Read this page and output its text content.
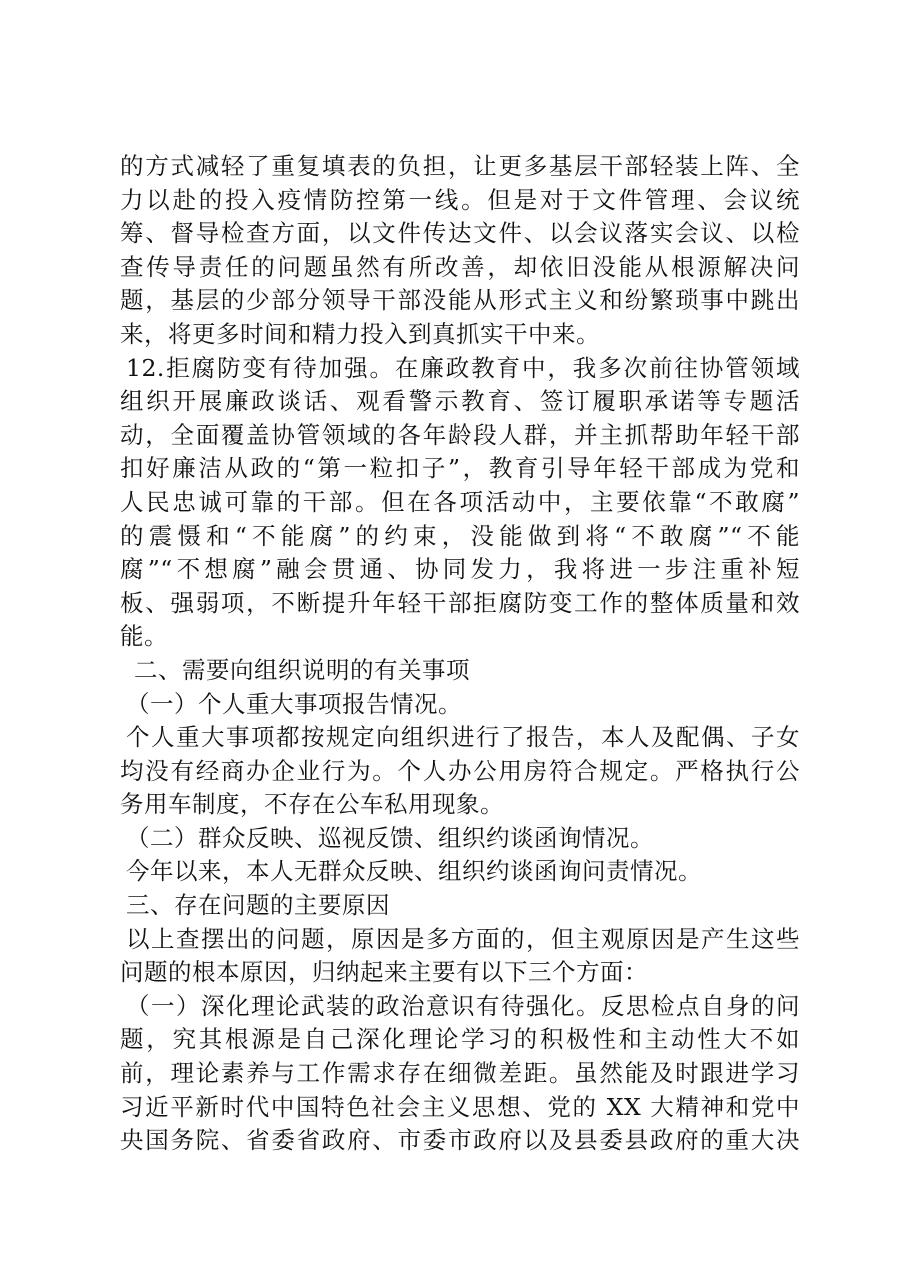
的方式减轻了重复填表的负担，让更多基层干部轻装上阵、全
力以赴的投入疫情防控第一线。但是对于文件管理、会议统
筹、督导检查方面，以文件传达文件、以会议落实会议、以检
查传导责任的问题虽然有所改善，却依旧没能从根源解决问
题，基层的少部分领导干部没能从形式主义和纷繁琐事中跳出
来，将更多时间和精力投入到真抓实干中来。
12.拒腐防变有待加强。在廉政教育中，我多次前往协管领域
组织开展廉政谈话、观看警示教育、签订履职承诺等专题活
动，全面覆盖协管领域的各年龄段人群，并主抓帮助年轻干部
扣好廉洁从政的“第一粒扣子”，教育引导年轻干部成为党和
人民忠诚可靠的干部。但在各项活动中，主要依靠“不敢腐”
的震慑和“不能腐”的约束，没能做到将“不敢腐”“不能
腐”“不想腐”融会贯通、协同发力，我将进一步注重补短
板、强弱项，不断提升年轻干部拒腐防变工作的整体质量和效
能。
二、需要向组织说明的有关事项
（一）个人重大事项报告情况。
个人重大事项都按规定向组织进行了报告，本人及配偶、子女
均没有经商办企业行为。个人办公用房符合规定。严格执行公
务用车制度，不存在公车私用现象。
（二）群众反映、巡视反馈、组织约谈函询情况。
今年以来，本人无群众反映、组织约谈函询问责情况。
三、存在问题的主要原因
以上查摆出的问题，原因是多方面的，但主观原因是产生这些
问题的根本原因，归纳起来主要有以下三个方面：
（一）深化理论武装的政治意识有待强化。反思检点自身的问
题，究其根源是自己深化理论学习的积极性和主动性大不如
前，理论素养与工作需求存在细微差距。虽然能及时跟进学习
习近平新时代中国特色社会主义思想、党的 XX 大精神和党中
央国务院、省委省政府、市委市政府以及县委县政府的重大决
